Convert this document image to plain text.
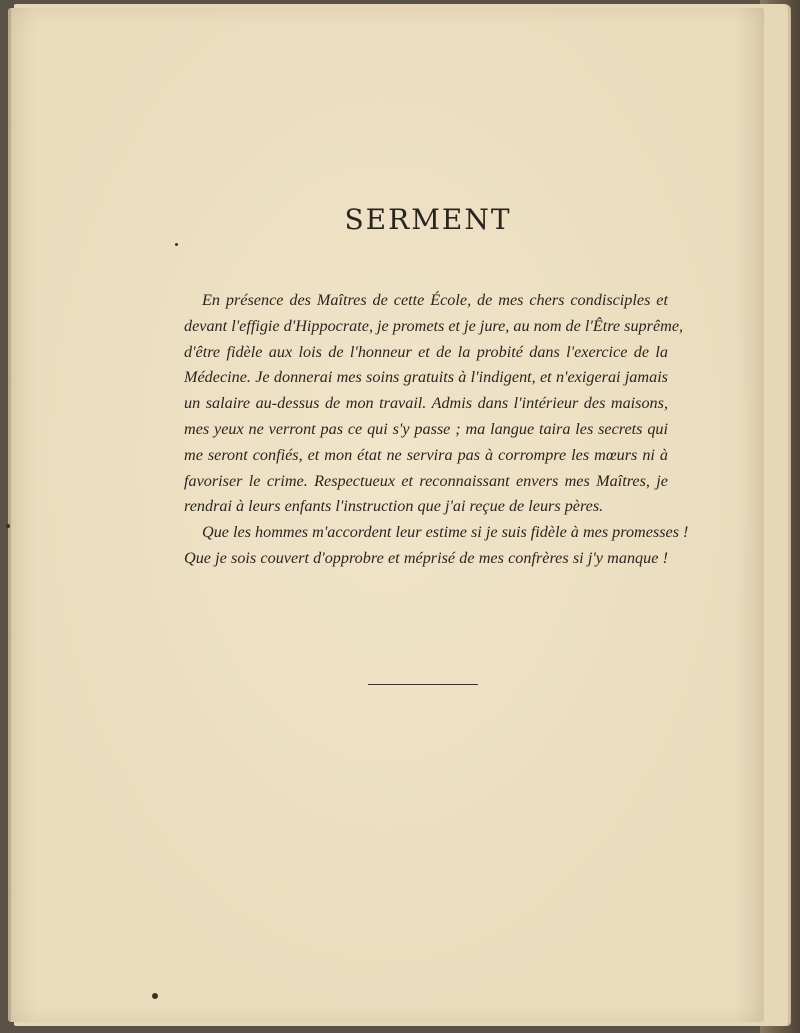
SERMENT
En présence des Maîtres de cette École, de mes chers condisciples et
devant l'effigie d'Hippocrate, je promets et je jure, au nom de l'Être suprême,
d'être fidèle aux lois de l'honneur et de la probité dans l'exercice de la
Médecine. Je donnerai mes soins gratuits à l'indigent, et n'exigerai jamais
un salaire au-dessus de mon travail. Admis dans l'intérieur des maisons,
mes yeux ne verront pas ce qui s'y passe ; ma langue taira les secrets qui
me seront confiés, et mon état ne servira pas à corrompre les mœurs ni à
favoriser le crime. Respectueux et reconnaissant envers mes Maîtres, je
rendrai à leurs enfants l'instruction que j'ai reçue de leurs pères.
Que les hommes m'accordent leur estime si je suis fidèle à mes promesses !
Que je sois couvert d'opprobre et méprisé de mes confrères si j'y manque !
